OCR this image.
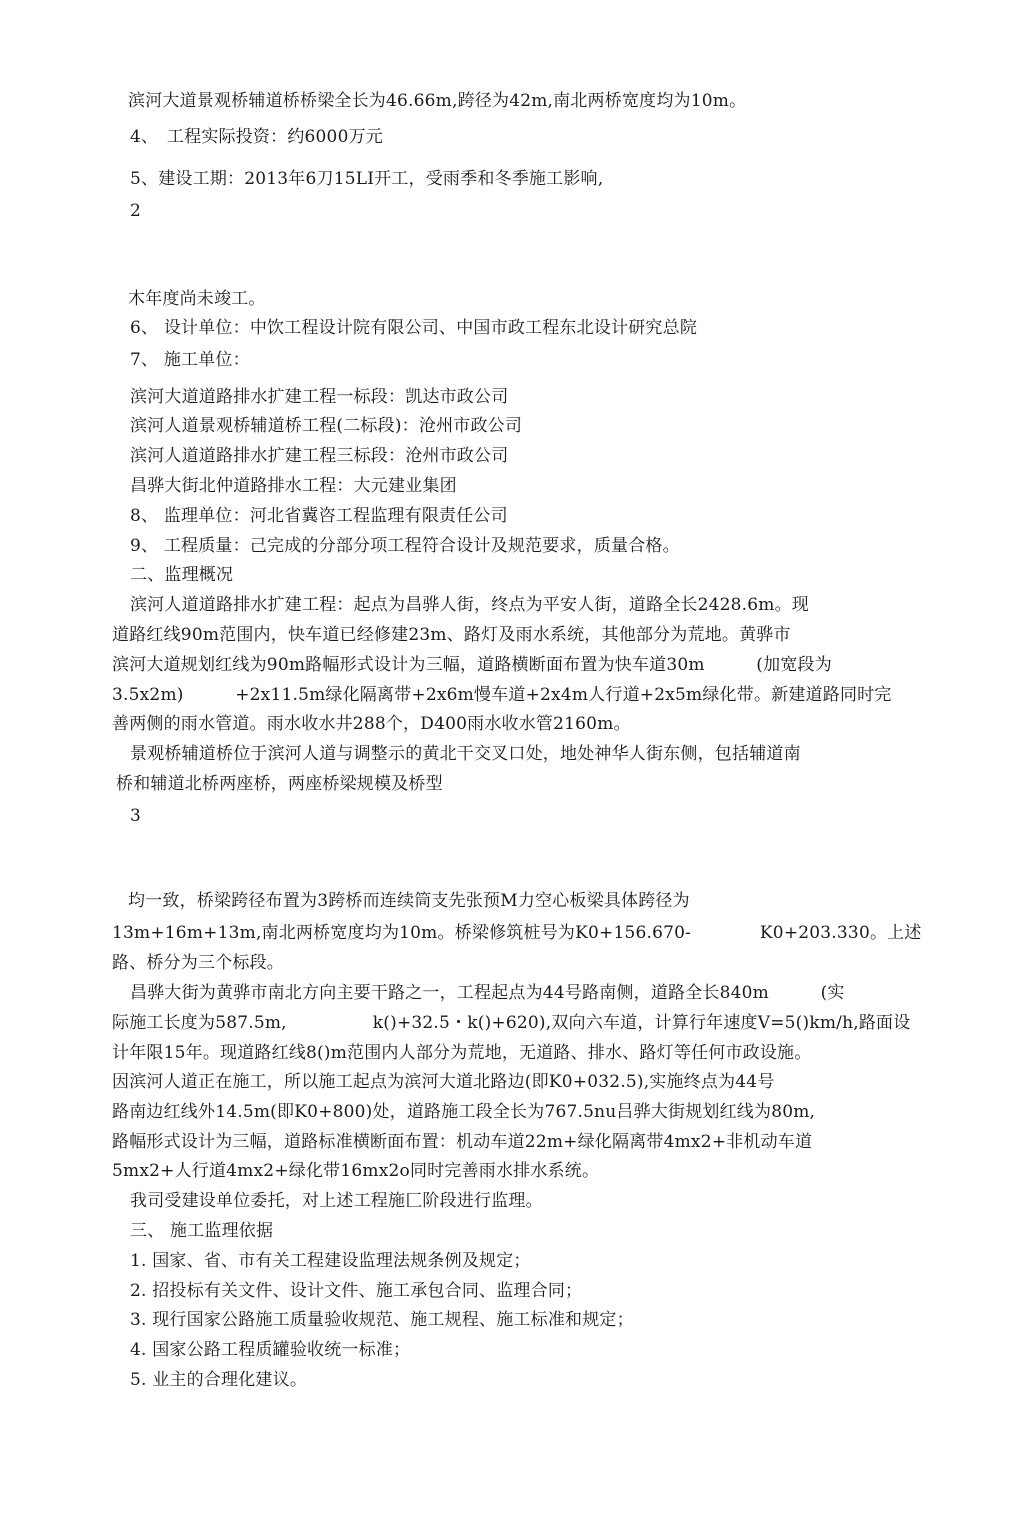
滨河大道景观桥辅道桥桥梁全长为46.66m,跨径为42m,南北两桥宽度均为10m。
4、　工程实际投资：约6000万元
5、建设工期：2013年6刀15LI开工，受雨季和冬季施工影响,
2
木年度尚未竣工。
6、 设计单位：中饮工程设计院有限公司、中国市政工程东北设计研究总院
7、 施工单位：
滨河大道道路排水扩建工程一标段：凯达市政公司
滨河人道景观桥辅道桥工程(二标段)：沧州市政公司
滨河人道道路排水扩建工程三标段：沧州市政公司
昌骅大街北仲道路排水工程：大元建业集团
8、 监理单位：河北省冀咨工程监理有限责任公司
9、 工程质量：己完成的分部分项工程符合设计及规范要求，质量合格。
二、监理概况
滨河人道道路排水扩建工程：起点为昌骅人街，终点为平安人街，道路全长2428.6m。现
道路红线90m范围内，快车道已经修建23m、路灯及雨水系统，其他部分为荒地。黄骅市
滨河大道规划红线为90m路幅形式设计为三幅，道路横断面布置为快车道30m　　　(加宽段为
3.5x2m)　　　+2x11.5m绿化隔离带+2x6m慢车道+2x4m人行道+2x5m绿化带。新建道路同时完
善两侧的雨水管道。雨水收水井288个，D400雨水收水管2160m。
景观桥辅道桥位于滨河人道与调整示的黄北干交叉口处，地处神华人街东侧，包括辅道南
桥和辅道北桥两座桥，两座桥梁规模及桥型
3
均一致，桥梁跨径布置为3跨桥而连续筒支先张预M力空心板梁具体跨径为
13m+16m+13m,南北两桥宽度均为10m。桥梁修筑桩号为K0+156.670-　　　　K0+203.330。上述
路、桥分为三个标段。
昌骅大街为黄骅市南北方向主要干路之一，工程起点为44号路南侧，道路全长840m　　　(实
际施工长度为587.5m,　　　　　k()+32.5・k()+620),双向六车道，计算行年速度V=5()km/h,路面设
计年限15年。现道路红线8()m范围内人部分为荒地，无道路、排水、路灯等任何市政设施。
因滨河人道正在施工，所以施工起点为滨河大道北路边(即K0+032.5),实施终点为44号
路南边红线外14.5m(即K0+800)处，道路施工段全长为767.5nu吕骅大街规划红线为80m,
路幅形式设计为三幅，道路标准横断面布置：机动车道22m+绿化隔离带4mx2+非机动车道
5mx2+人行道4mx2+绿化带16mx2o同时完善雨水排水系统。
我司受建设单位委托，对上述工程施匚阶段进行监理。
三、 施工监理依据
1. 国家、省、市有关工程建设监理法规条例及规定；
2. 招投标有关文件、设计文件、施工承包合同、监理合同；
3. 现行国家公路施工质量验收规范、施工规程、施工标准和规定；
4. 国家公路工程质罐验收统一标准；
5. 业主的合理化建议。
